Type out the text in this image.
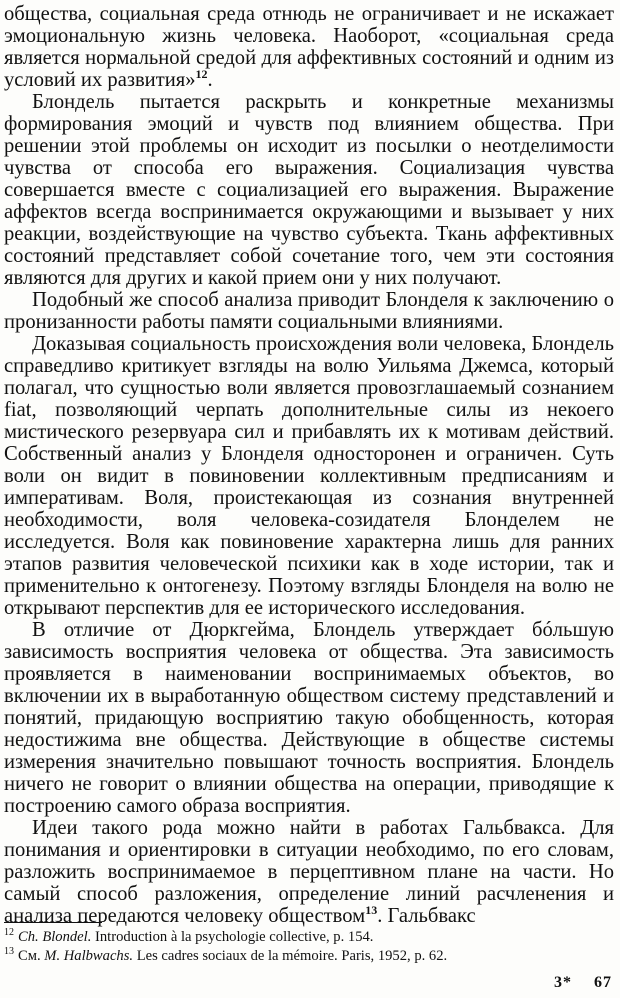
общества, социальная среда отнюдь не ограничивает и не искажает эмоциональную жизнь человека. Наоборот, «социальная среда является нормальной средой для аффективных состояний и одним из условий их развития»$^{12}$.

Блондель пытается раскрыть и конкретные механизмы формирования эмоций и чувств под влиянием общества. При решении этой проблемы он исходит из посылки о неотделимости чувства от способа его выражения. Социализация чувства совершается вместе с социализацией его выражения. Выражение аффектов всегда воспринимается окружающими и вызывает у них реакции, воздействующие на чувство субъекта. Ткань аффективных состояний представляет собой сочетание того, чем эти состояния являются для других и какой прием они у них получают.

Подобный же способ анализа приводит Блонделя к заключению о пронизанности работы памяти социальными влияниями.

Доказывая социальность происхождения воли человека, Блондель справедливо критикует взгляды на волю Уильяма Джемса, который полагал, что сущностью воли является провозглашаемый сознанием fiat, позволяющий черпать дополнительные силы из некоего мистического резервуара сил и прибавлять их к мотивам действий. Собственный анализ у Блонделя односторонен и ограничен. Суть воли он видит в повиновении коллективным предписаниям и императивам. Воля, проистекающая из сознания внутренней необходимости, воля человека-созидателя Блонделем не исследуется. Воля как повиновение характерна лишь для ранних этапов развития человеческой психики как в ходе истории, так и применительно к онтогенезу. Поэтому взгляды Блонделя на волю не открывают перспектив для ее исторического исследования.

В отличие от Дюркгейма, Блондель утверждает бóльшую зависимость восприятия человека от общества. Эта зависимость проявляется в наименовании воспринимаемых объектов, во включении их в выработанную обществом систему представлений и понятий, придающую восприятию такую обобщенность, которая недостижима вне общества. Действующие в обществе системы измерения значительно повышают точность восприятия. Блондель ничего не говорит о влиянии общества на операции, приводящие к построению самого образа восприятия.

Идеи такого рода можно найти в работах Гальбвакса. Для понимания и ориентировки в ситуации необходимо, по его словам, разложить воспринимаемое в перцептивном плане на части. Но самый способ разложения, определение линий расчленения и анализа передаются человеку обществом$^{13}$. Гальбвакс

$^{12}$ Ch. Blondel. Introduction à la psychologie collective, p. 154.
$^{13}$ См. M. Halbwachs. Les cadres sociaux de la mémoire. Paris, 1952, p. 62.
3* 67
